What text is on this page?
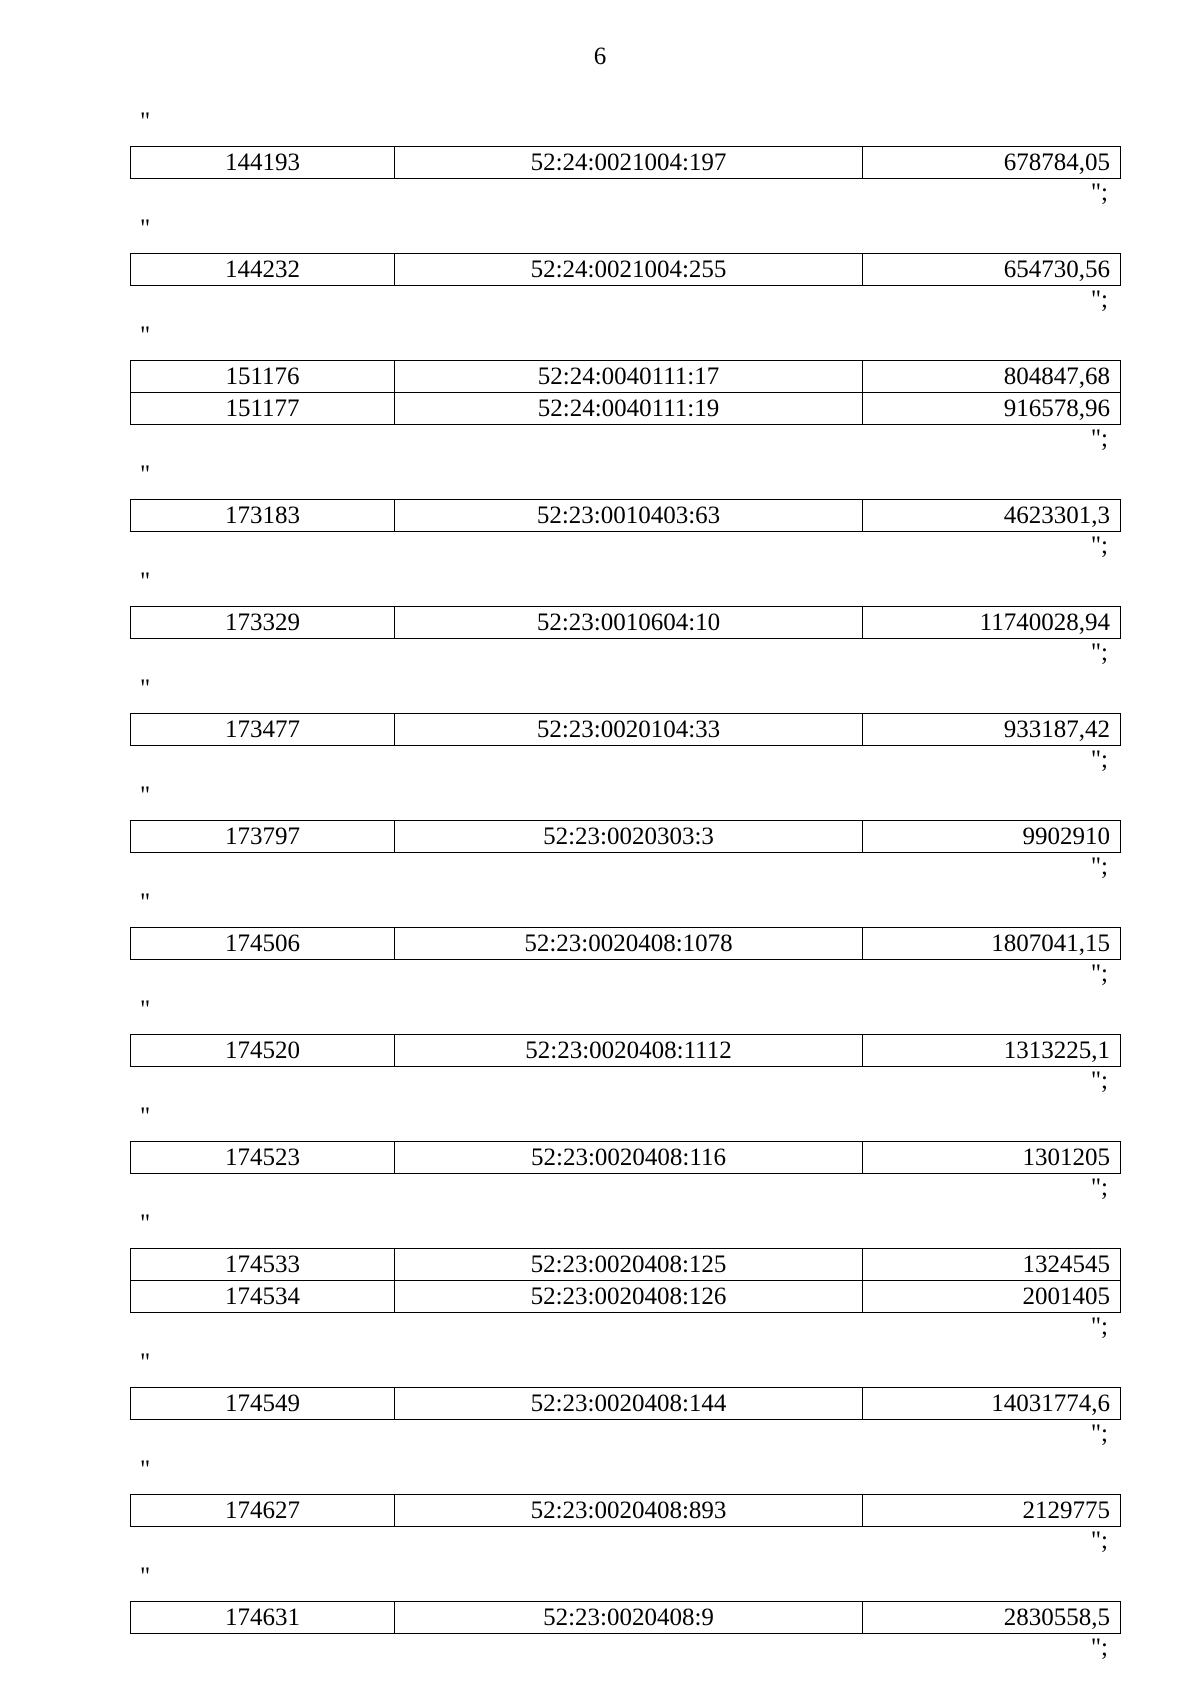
6
"
144193	52:24:0021004:197	678784,05
";
"
144232	52:24:0021004:255	654730,56
";
"
151176	52:24:0040111:17	804847,68
151177	52:24:0040111:19	916578,96
";
"
173183	52:23:0010403:63	4623301,3
";
"
173329	52:23:0010604:10	11740028,94
";
"
173477	52:23:0020104:33	933187,42
";
"
173797	52:23:0020303:3	9902910
";
"
174506	52:23:0020408:1078	1807041,15
";
"
174520	52:23:0020408:1112	1313225,1
";
"
174523	52:23:0020408:116	1301205
";
"
174533	52:23:0020408:125	1324545
174534	52:23:0020408:126	2001405
";
"
174549	52:23:0020408:144	14031774,6
";
"
174627	52:23:0020408:893	2129775
";
"
174631	52:23:0020408:9	2830558,5
";
